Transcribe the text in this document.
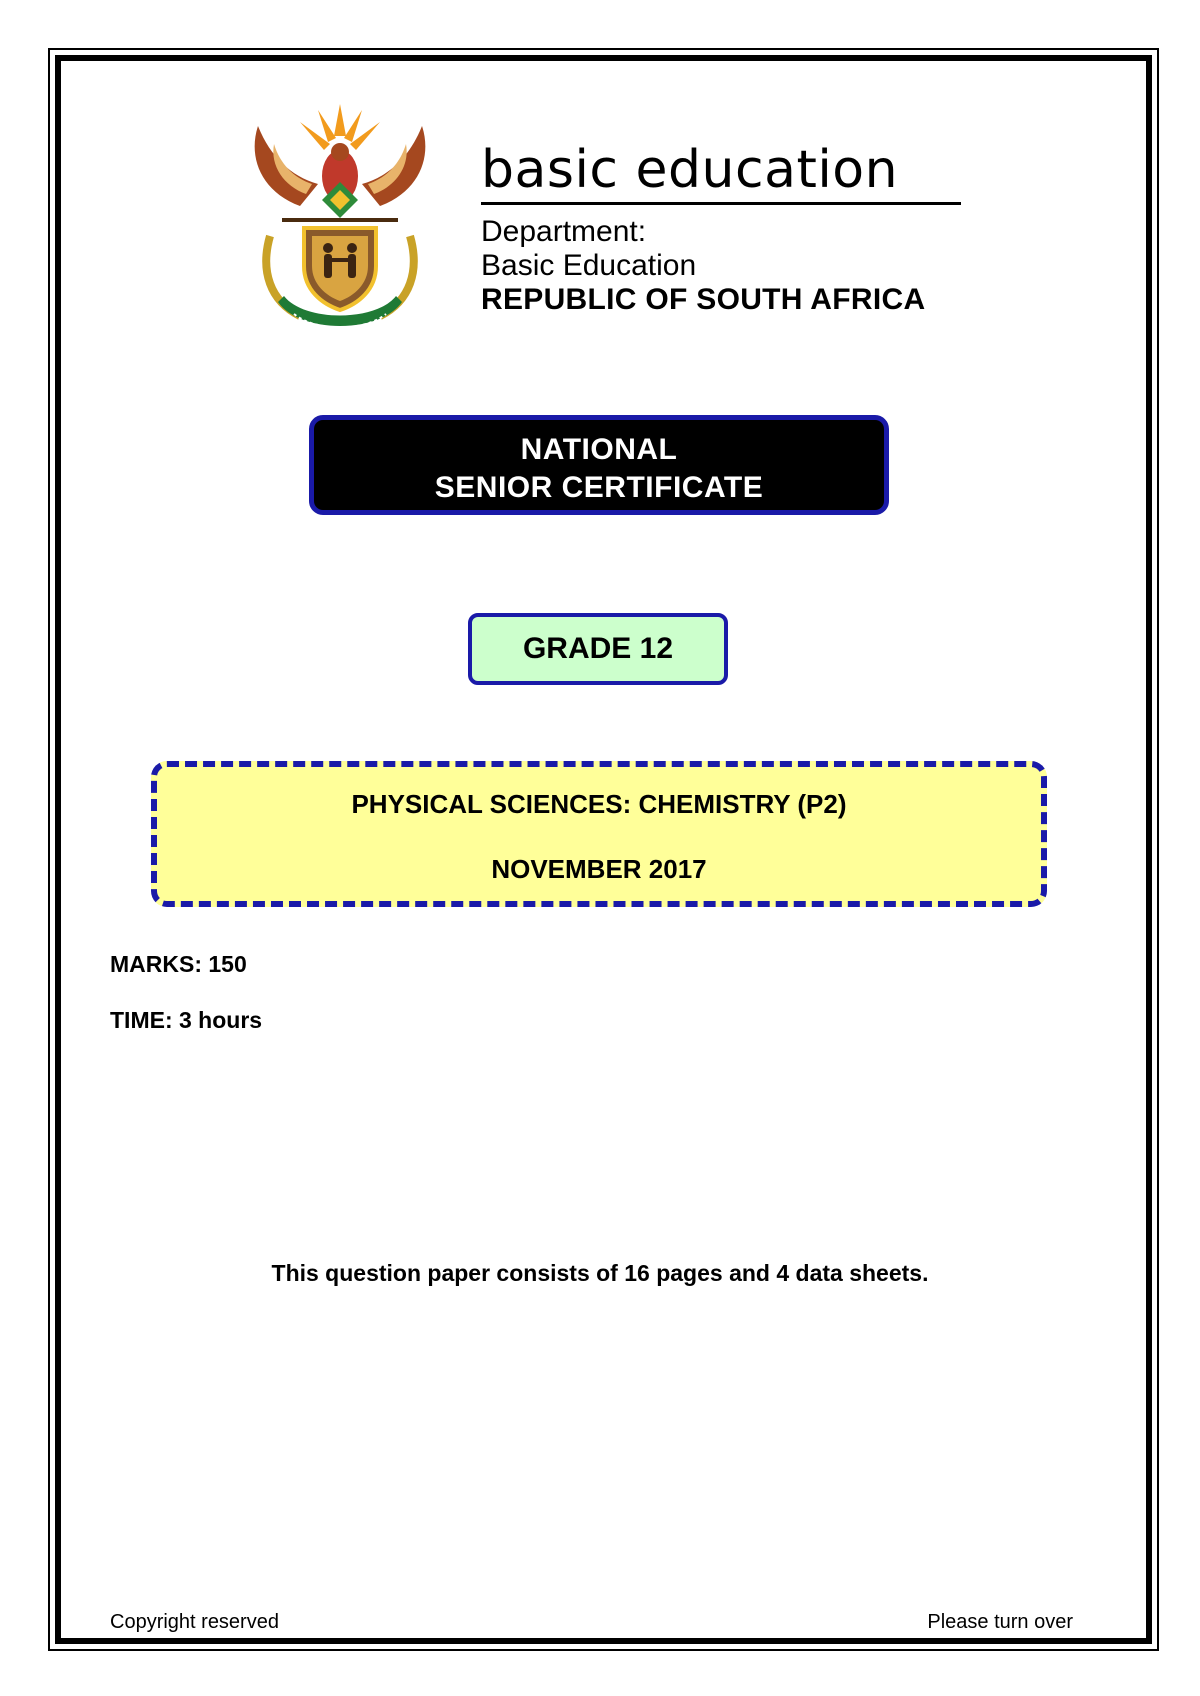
basic education

Department:

Basic Education

REPUBLIC OF SOUTH AFRICA

NATIONAL
SENIOR CERTIFICATE
GRADE 12
PHYSICAL SCIENCES: CHEMISTRY (P2)
NOVEMBER 2017
MARKS: 150
TIME: 3 hours
This question paper consists of 16 pages and 4 data sheets.
Copyright reserved	Please turn over
